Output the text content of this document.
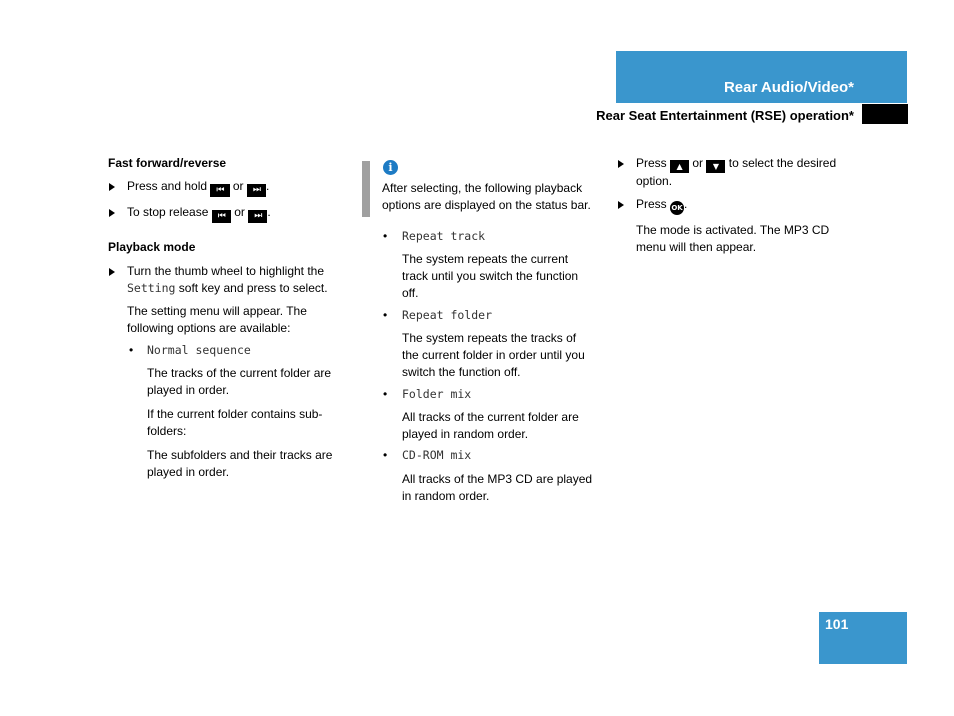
Rear Audio/Video*
Rear Seat Entertainment (RSE) operation*

Fast forward/reverse

Press and hold ⏮ or ⏭ .
To stop release ⏮ or ⏭ .

Playback mode

Turn the thumb wheel to highlight the

Setting soft key and press to select.

The setting menu will appear. The

following options are available:

• Normal sequence

The tracks of the current folder are

played in order.

If the current folder contains sub-

folders:

The subfolders and their tracks are

played in order.

i

After selecting, the following playback

options are displayed on the status bar.

• Repeat track

The system repeats the current

track until you switch the function

off.

• Repeat folder

The system repeats the tracks of

the current folder in order until you

switch the function off.

• Folder mix

All tracks of the current folder are

played in random order.

• CD-ROM mix

All tracks of the MP3 CD are played

in random order.

Press ▲ or ▼ to select the desired

option.

Press OK.

The mode is activated. The MP3 CD

menu will then appear.

101
